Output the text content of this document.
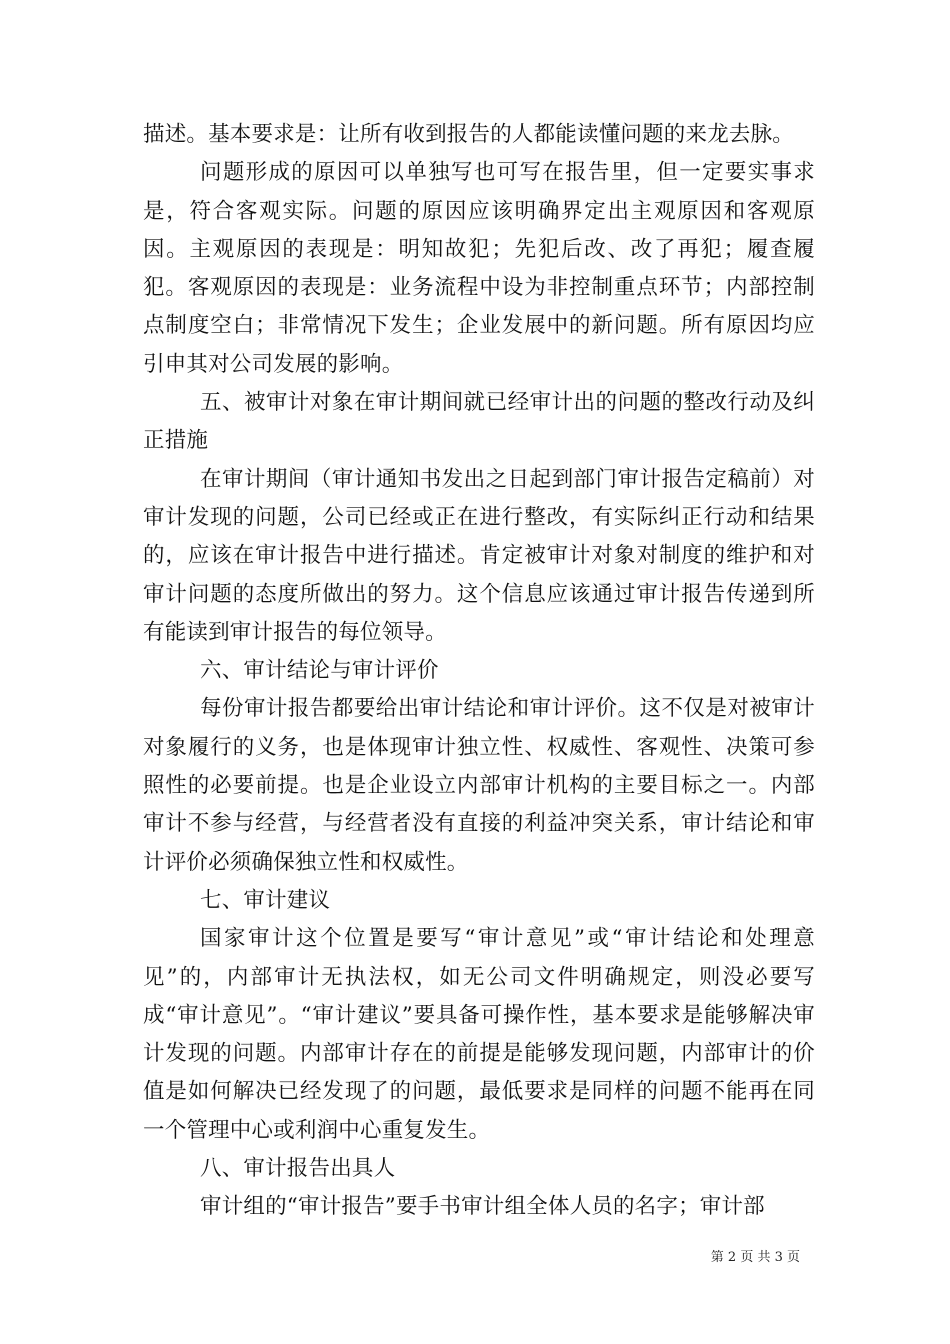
描述。基本要求是：让所有收到报告的人都能读懂问题的来龙去脉。

问题形成的原因可以单独写也可写在报告里，但一定要实事求是，符合客观实际。问题的原因应该明确界定出主观原因和客观原因。主观原因的表现是：明知故犯；先犯后改、改了再犯；履查履犯。客观原因的表现是：业务流程中设为非控制重点环节；内部控制点制度空白；非常情况下发生；企业发展中的新问题。所有原因均应引申其对公司发展的影响。

五、被审计对象在审计期间就已经审计出的问题的整改行动及纠正措施

在审计期间（审计通知书发出之日起到部门审计报告定稿前）对审计发现的问题，公司已经或正在进行整改，有实际纠正行动和结果的，应该在审计报告中进行描述。肯定被审计对象对制度的维护和对审计问题的态度所做出的努力。这个信息应该通过审计报告传递到所有能读到审计报告的每位领导。

六、审计结论与审计评价

每份审计报告都要给出审计结论和审计评价。这不仅是对被审计对象履行的义务，也是体现审计独立性、权威性、客观性、决策可参照性的必要前提。也是企业设立内部审计机构的主要目标之一。内部审计不参与经营，与经营者没有直接的利益冲突关系，审计结论和审计评价必须确保独立性和权威性。

七、审计建议

国家审计这个位置是要写“审计意见”或“审计结论和处理意见”的，内部审计无执法权，如无公司文件明确规定，则没必要写成“审计意见”。“审计建议”要具备可操作性，基本要求是能够解决审计发现的问题。内部审计存在的前提是能够发现问题，内部审计的价值是如何解决已经发现了的问题，最低要求是同样的问题不能再在同一个管理中心或利润中心重复发生。

八、审计报告出具人

审计组的“审计报告”要手书审计组全体人员的名字；审计部

第 2 页 共 3 页
